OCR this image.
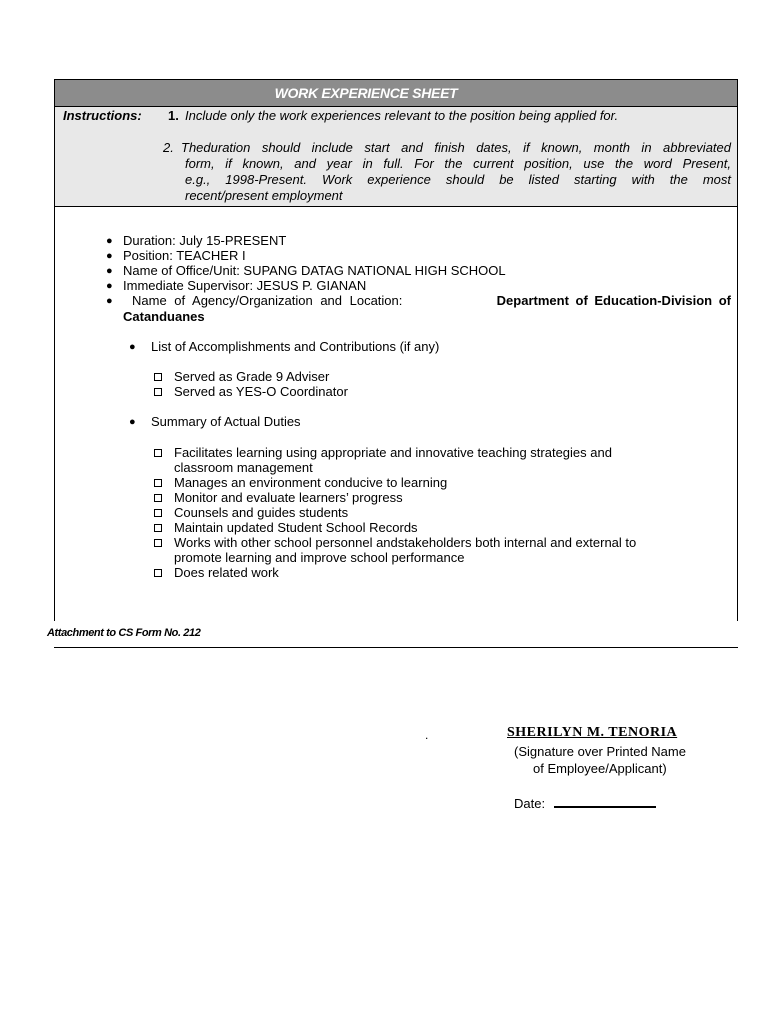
WORK EXPERIENCE SHEET
Instructions: 1. Include only the work experiences relevant to the position being applied for.
2. Theduration should include start and finish dates, if known, month in abbreviated
form, if known, and year in full. For the current position, use the word Present,
e.g., 1998-Present. Work experience should be listed starting with the most
recent/present employment
● Duration: July 15-PRESENT
● Position: TEACHER I
● Name of Office/Unit: SUPANG DATAG NATIONAL HIGH SCHOOL
● Immediate Supervisor: JESUS P. GIANAN
● Name of Agency/Organization and Location:	Department of Education-Division of
Catanduanes
● List of Accomplishments and Contributions (if any)
Served as Grade 9 Adviser
Served as YES-O Coordinator
● Summary of Actual Duties
Facilitates learning using appropriate and innovative teaching strategies and
classroom management
Manages an environment conducive to learning
Monitor and evaluate learners’ progress
Counsels and guides students
Maintain updated Student School Records
Works with other school personnel andstakeholders both internal and external to
promote learning and improve school performance
Does related work
Attachment to CS Form No. 212
.	SHERILYN M. TENORIA
(Signature over Printed Name
of Employee/Applicant)
Date:
